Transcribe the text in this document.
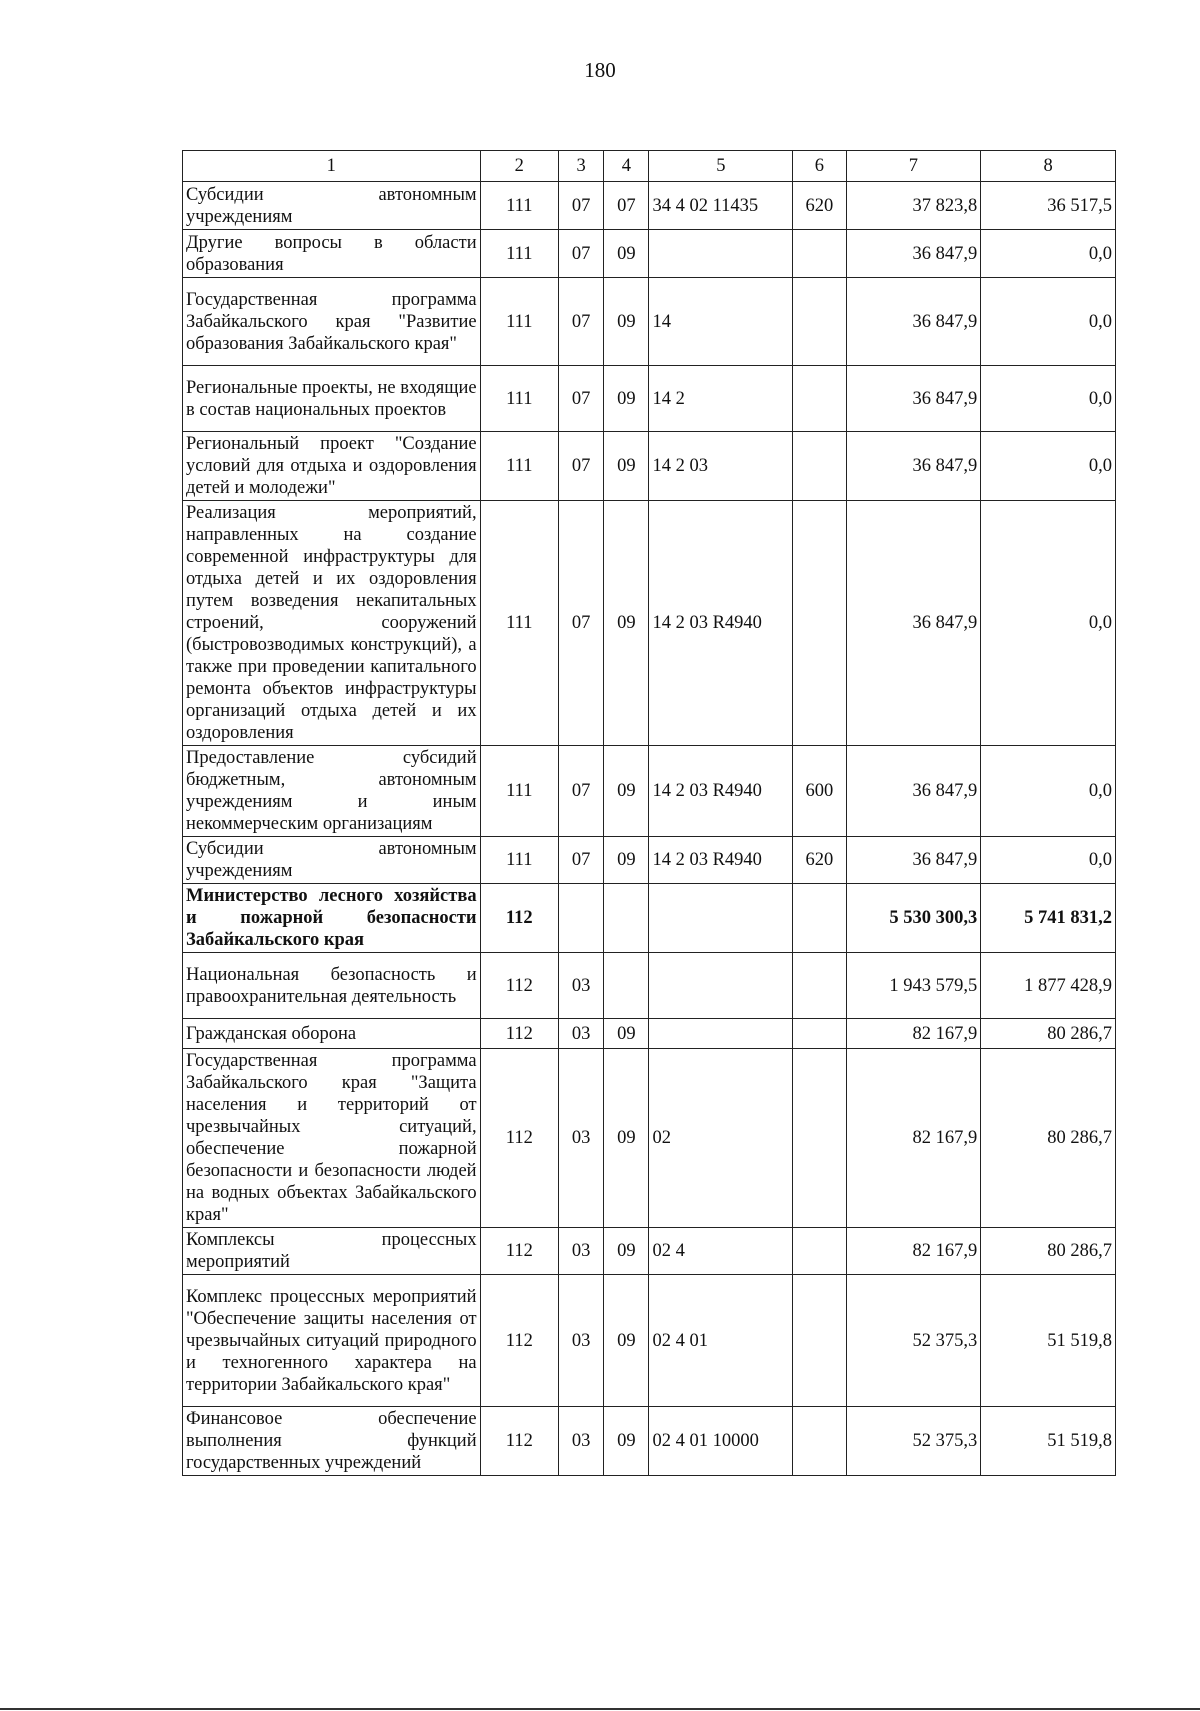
180
1	2	3	4	5	6	7	8
Субсидии автономным учреждениям	111	07	07	34 4 02 11435	620	37 823,8	36 517,5
Другие вопросы в области образования	111	07	09			36 847,9	0,0
Государственная программа Забайкальского края "Развитие образования Забайкальского края"	111	07	09	14		36 847,9	0,0
Региональные проекты, не входящие в состав национальных проектов	111	07	09	14 2		36 847,9	0,0
Региональный проект "Создание условий для отдыха и оздоровления детей и молодежи"	111	07	09	14 2 03		36 847,9	0,0
Реализация мероприятий, направленных на создание современной инфраструктуры для отдыха детей и их оздоровления путем возведения некапитальных строений, сооружений (быстровозводимых конструкций), а также при проведении капитального ремонта объектов инфраструктуры организаций отдыха детей и их оздоровления	111	07	09	14 2 03 R4940		36 847,9	0,0
Предоставление субсидий бюджетным, автономным учреждениям и иным некоммерческим организациям	111	07	09	14 2 03 R4940	600	36 847,9	0,0
Субсидии автономным учреждениям	111	07	09	14 2 03 R4940	620	36 847,9	0,0
Министерство лесного хозяйства и пожарной безопасности Забайкальского края	112					5 530 300,3	5 741 831,2
Национальная безопасность и правоохранительная деятельность	112	03				1 943 579,5	1 877 428,9
Гражданская оборона	112	03	09			82 167,9	80 286,7
Государственная программа Забайкальского края "Защита населения и территорий от чрезвычайных ситуаций, обеспечение пожарной безопасности и безопасности людей на водных объектах Забайкальского края"	112	03	09	02		82 167,9	80 286,7
Комплексы процессных мероприятий	112	03	09	02 4		82 167,9	80 286,7
Комплекс процессных мероприятий "Обеспечение защиты населения от чрезвычайных ситуаций природного и техногенного характера на территории Забайкальского края"	112	03	09	02 4 01		52 375,3	51 519,8
Финансовое обеспечение выполнения функций государственных учреждений	112	03	09	02 4 01 10000		52 375,3	51 519,8
